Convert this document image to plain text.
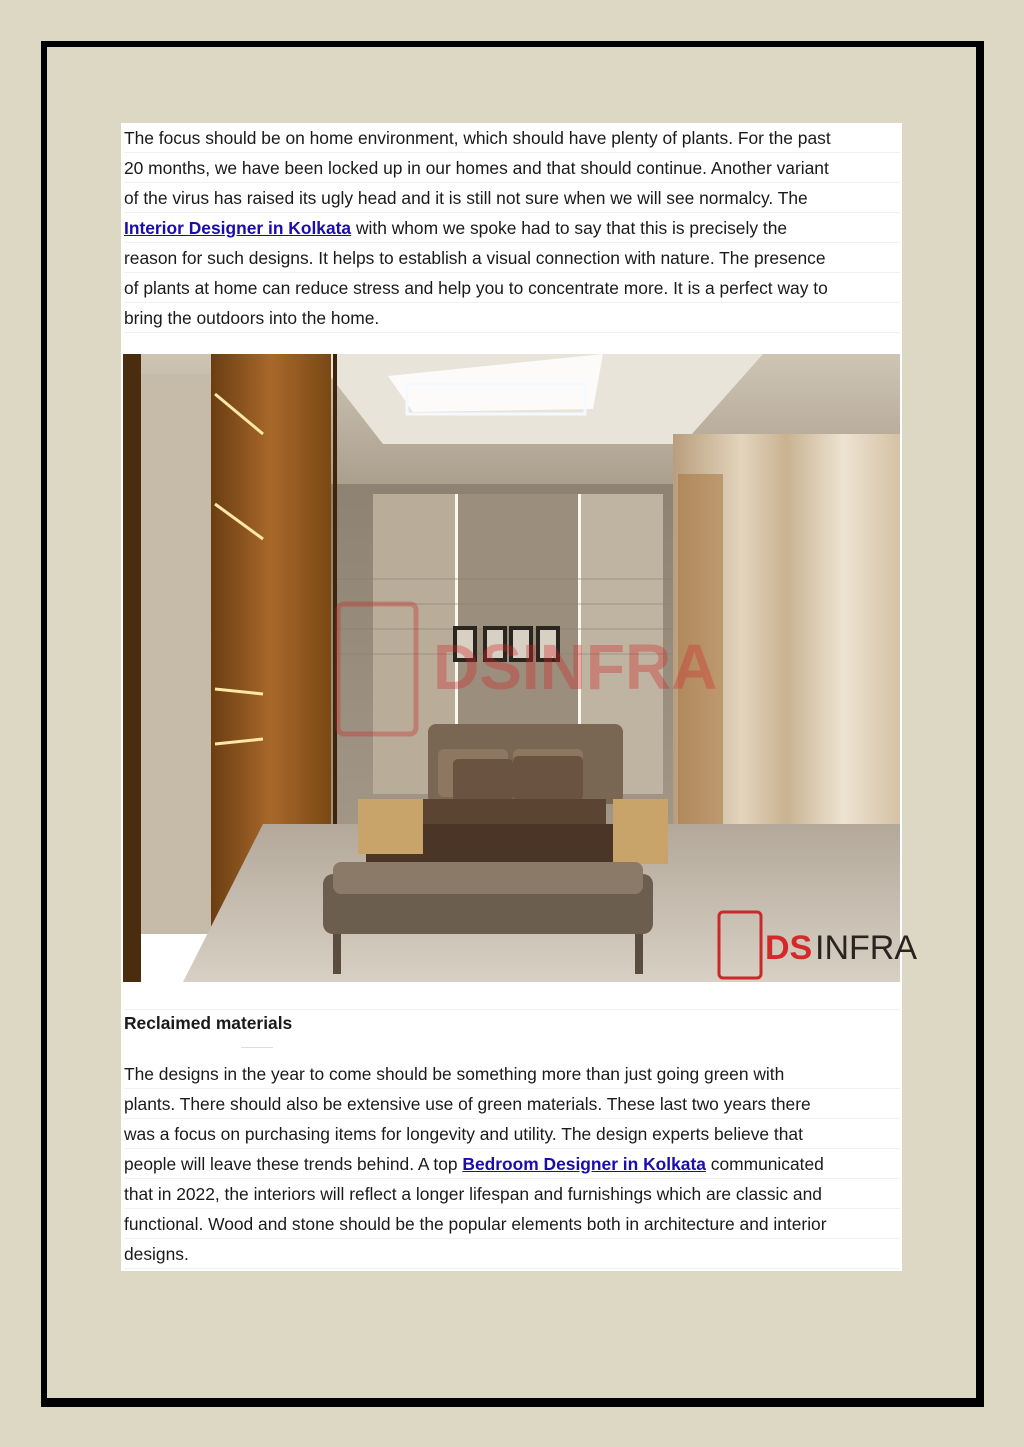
The focus should be on home environment, which should have plenty of plants. For the past
20 months, we have been locked up in our homes and that should continue. Another variant
of the virus has raised its ugly head and it is still not sure when we will see normalcy. The
Interior Designer in Kolkata with whom we spoke had to say that this is precisely the
reason for such designs. It helps to establish a visual connection with nature. The presence
of plants at home can reduce stress and help you to concentrate more. It is a perfect way to
bring the outdoors into the home.
DSINFRA
DS INFRA
Reclaimed materials
The designs in the year to come should be something more than just going green with
plants. There should also be extensive use of green materials. These last two years there
was a focus on purchasing items for longevity and utility. The design experts believe that
people will leave these trends behind. A top Bedroom Designer in Kolkata communicated
that in 2022, the interiors will reflect a longer lifespan and furnishings which are classic and
functional. Wood and stone should be the popular elements both in architecture and interior
designs.
